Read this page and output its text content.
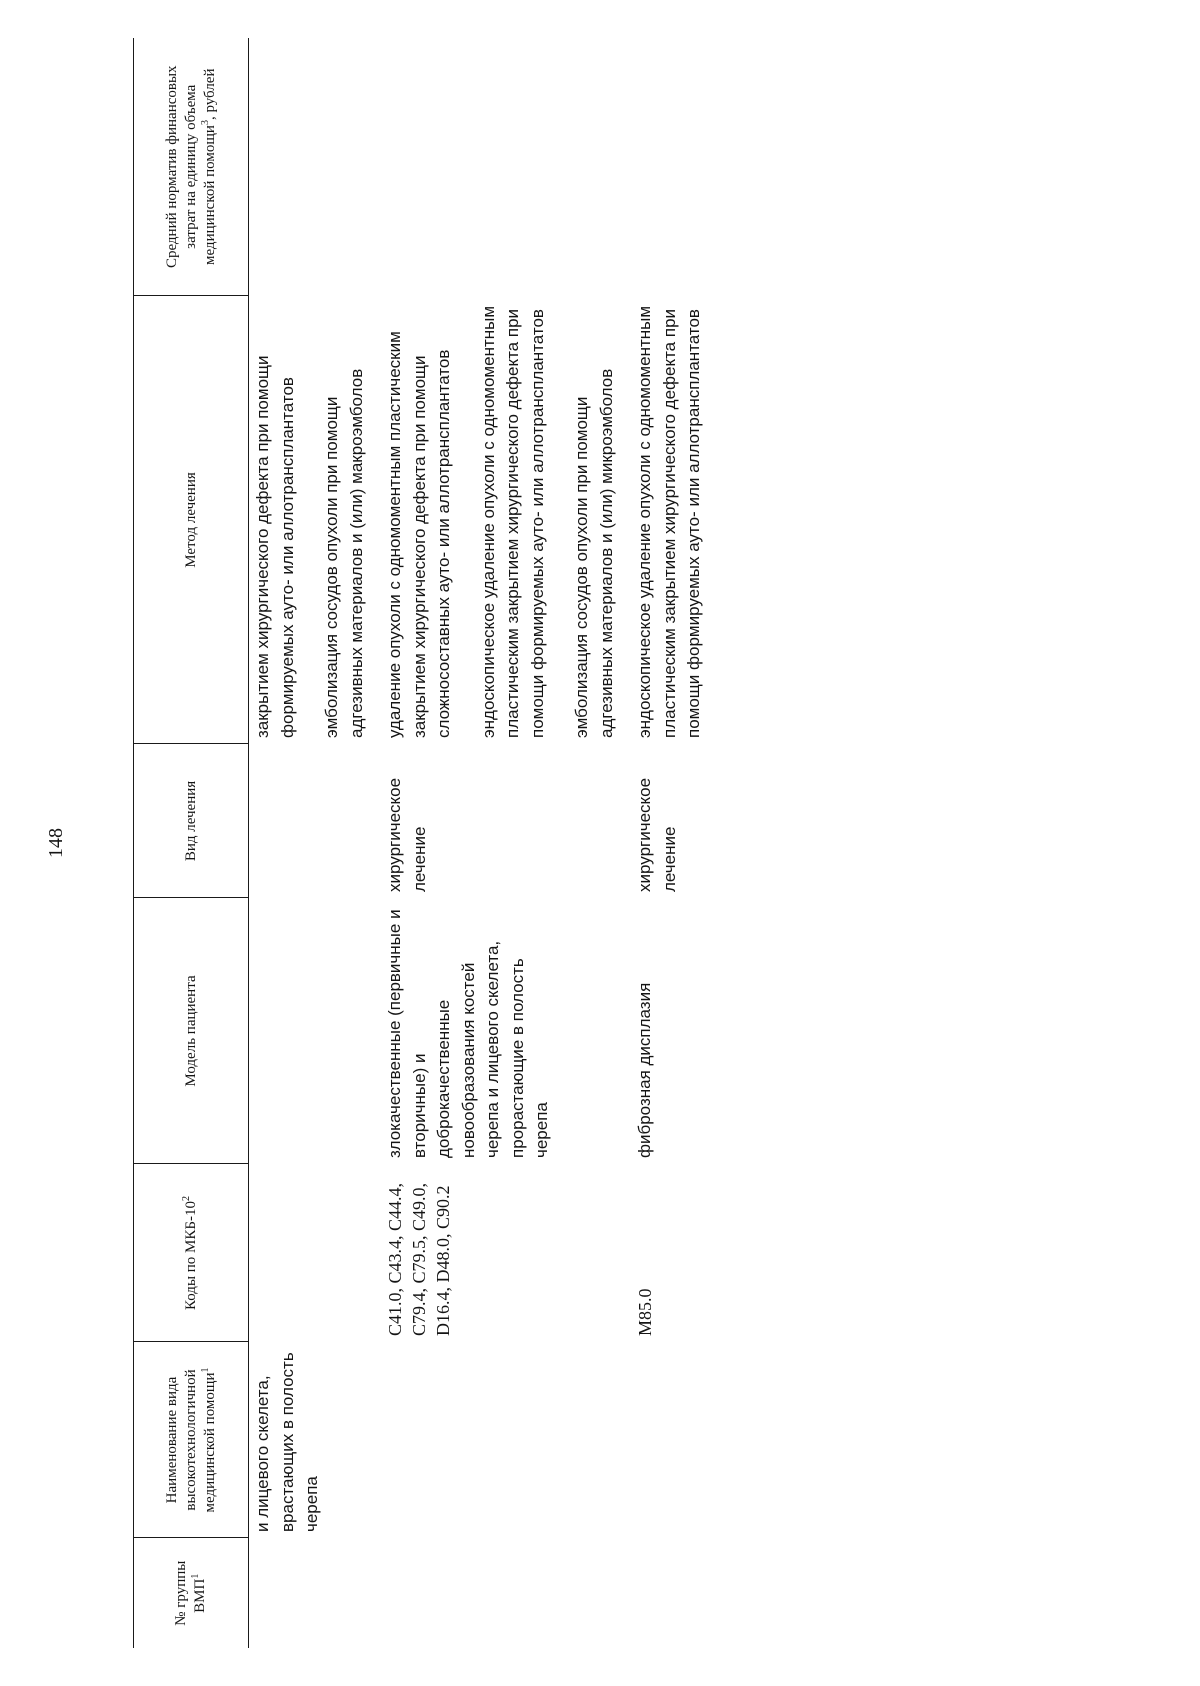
148
№ группы ВМП$^1$	Наименование вида высокотехнологичной медицинской помощи$^1$	Коды по МКБ-$10^2$	Модель пациента	Вид лечения	Метод лечения	Средний норматив финансовых затрат на единицу объема медицинской помощи$^3$, рублей
	и лицевого скелета, врастающих в полость черепа				закрытием хирургического дефекта при помощи формируемых ауто- или аллотрансплантатов эмболизация сосудов опухоли при помощи адгезивных материалов и (или) макроэмболов	

		C41.0, C43.4, C44.4, C79.4, C79.5, C49.0, D16.4, D48.0, C90.2	злокачественные (первичные и вторичные) и доброкачественные новообразования костей черепа и лицевого скелета, прорастающие в полость черепа	хирургическое лечение	удаление опухоли с одномоментным пластическим закрытием хирургического дефекта при помощи сложносоставных ауто- или аллотрансплантатов эндоскопическое удаление опухоли с одномоментным пластическим закрытием хирургического дефекта при помощи формируемых ауто- или аллотрансплантатов эмболизация сосудов опухоли при помощи адгезивных материалов и (или) микроэмболов	

		M85.0	фиброзная дисплазия	хирургическое лечение	эндоскопическое удаление опухоли с одномоментным пластическим закрытием хирургического дефекта при помощи формируемых ауто- или аллотрансплантатов	
